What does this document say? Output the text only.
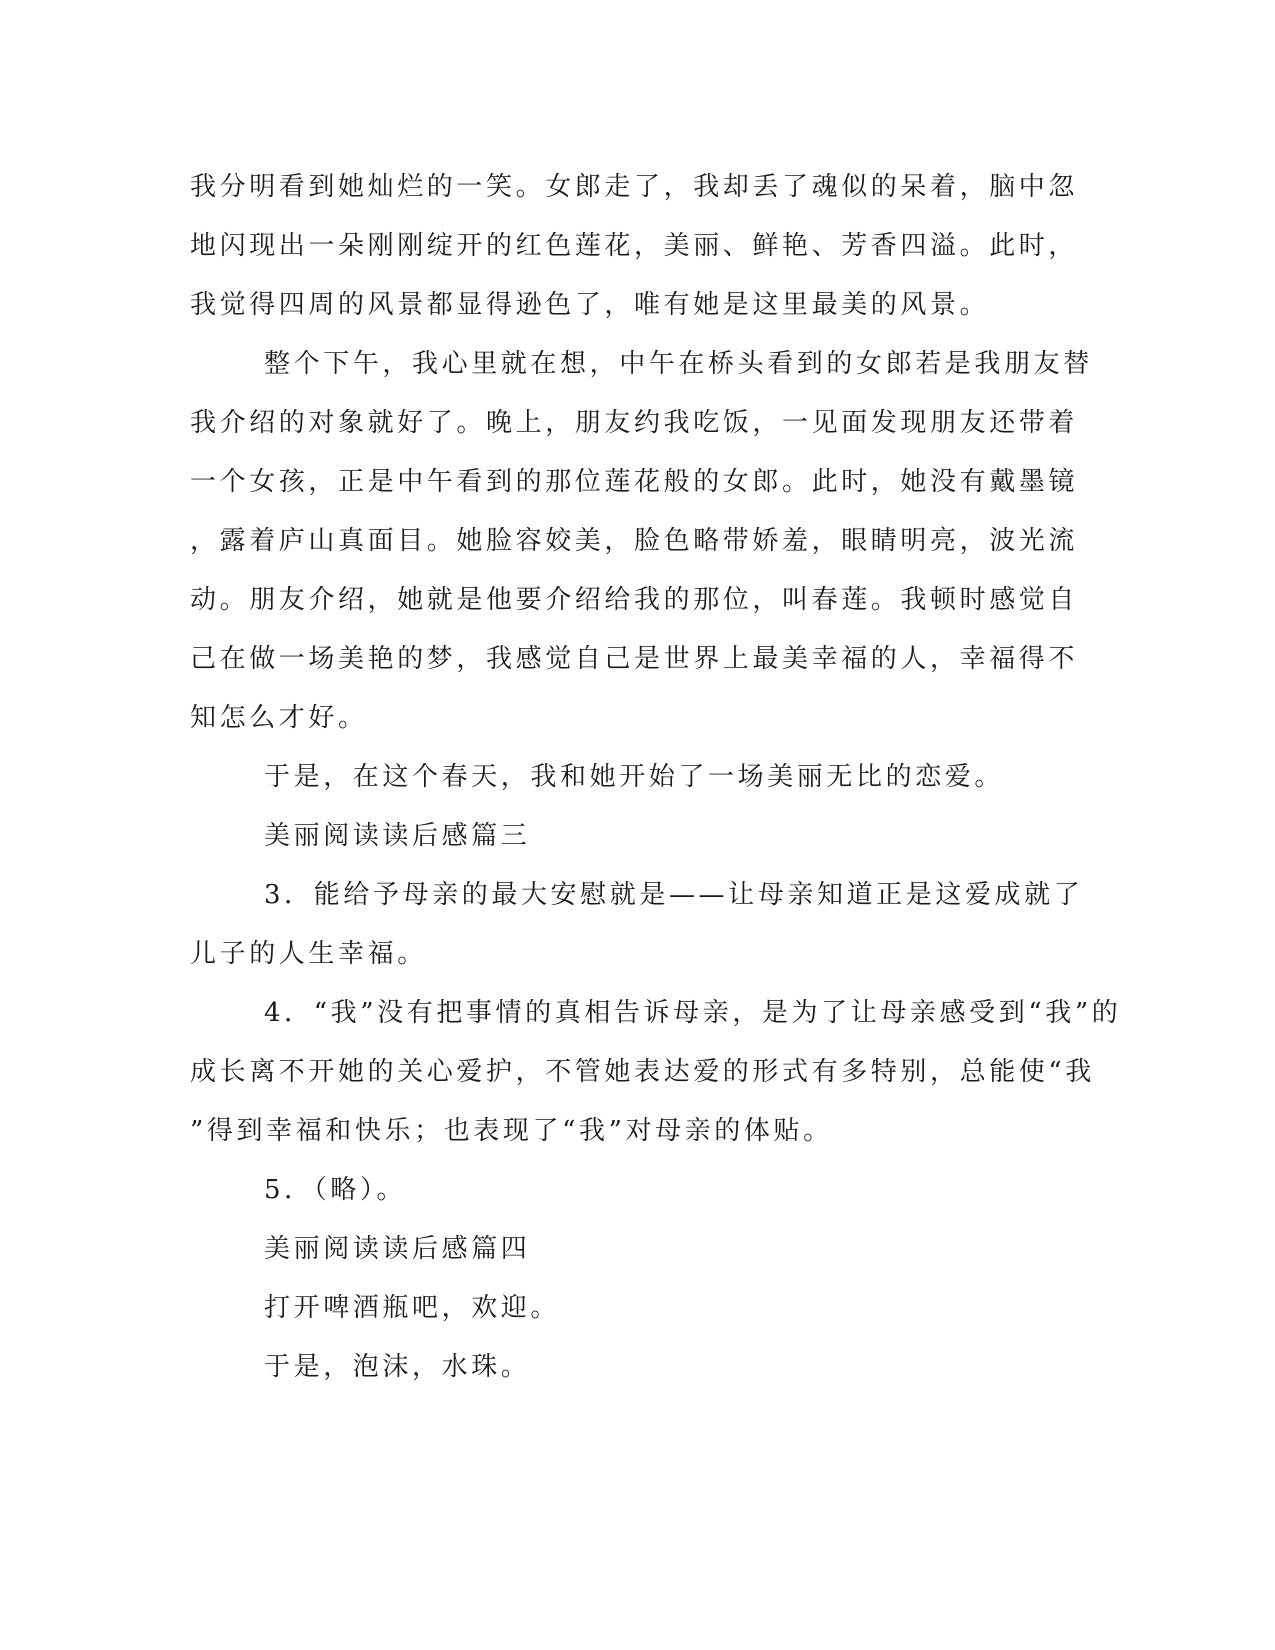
我分明看到她灿烂的一笑。女郎走了，我却丢了魂似的呆着，脑中忽
地闪现出一朵刚刚绽开的红色莲花，美丽、鲜艳、芳香四溢。此时，
我觉得四周的风景都显得逊色了，唯有她是这里最美的风景。
整个下午，我心里就在想，中午在桥头看到的女郎若是我朋友替
我介绍的对象就好了。晚上，朋友约我吃饭，一见面发现朋友还带着
一个女孩，正是中午看到的那位莲花般的女郎。此时，她没有戴墨镜
，露着庐山真面目。她脸容姣美，脸色略带娇羞，眼睛明亮，波光流
动。朋友介绍，她就是他要介绍给我的那位，叫春莲。我顿时感觉自
己在做一场美艳的梦，我感觉自己是世界上最美幸福的人，幸福得不
知怎么才好。
于是，在这个春天，我和她开始了一场美丽无比的恋爱。
美丽阅读读后感篇三
3．能给予母亲的最大安慰就是——让母亲知道正是这爱成就了
儿子的人生幸福。
4．“我”没有把事情的真相告诉母亲，是为了让母亲感受到“我”的
成长离不开她的关心爱护，不管她表达爱的形式有多特别，总能使“我
”得到幸福和快乐；也表现了“我”对母亲的体贴。
5．（略）。
美丽阅读读后感篇四
打开啤酒瓶吧，欢迎。
于是，泡沫，水珠。
